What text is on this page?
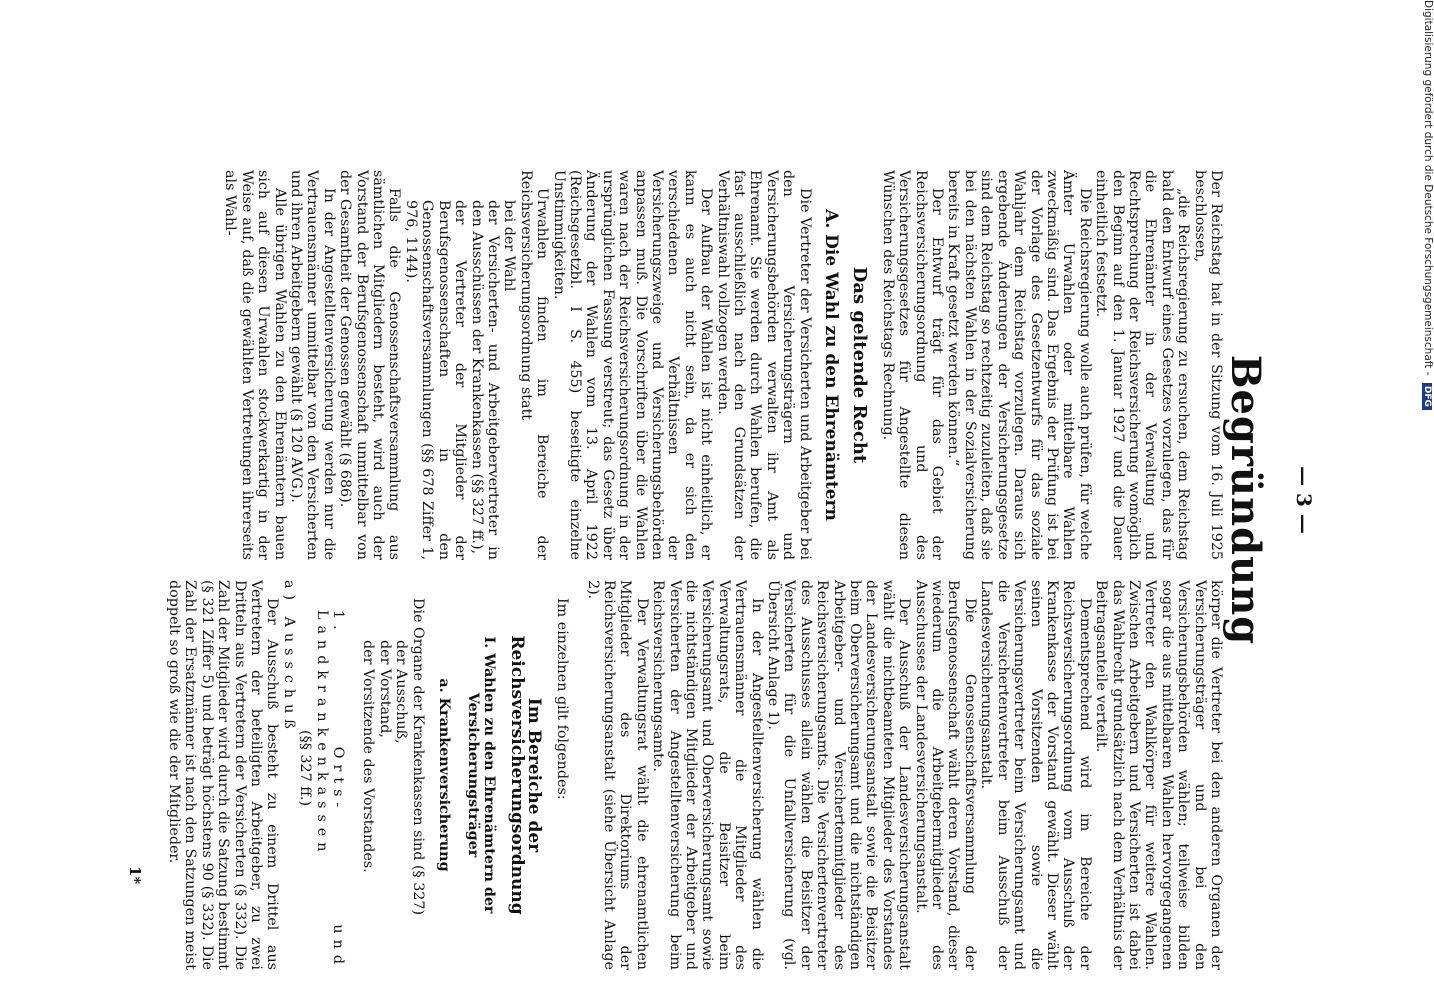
— 3 —
Begründung

Der Reichstag hat in der Sitzung vom 16. Juli 1925 beschlossen,

„die Reichsregierung zu ersuchen, dem Reichstag bald den Entwurf eines Gesetzes vorzulegen, das für die Ehrenämter in der Verwaltung und Rechtsprechung der Reichsversicherung womöglich den Beginn auf den 1. Januar 1927 und die Dauer einheitlich festsetzt.

Die Reichsregierung wolle auch prüfen, für welche Ämter Urwahlen oder mittelbare Wahlen zweckmäßig sind. Das Ergebnis der Prüfung ist bei der Vorlage des Gesetzentwurfs für das soziale Wahljahr dem Reichstag vorzulegen. Daraus sich ergebende Änderungen der Versicherungsgesetze sind dem Reichstag so rechtzeitig zuzuleiten, daß sie bei den nächsten Wahlen in der Sozialversicherung bereits in Kraft gesetzt werden können.“

Der Entwurf trägt für das Gebiet der Reichsversicherungsordnung und des Versicherungsgesetzes für Angestellte diesen Wünschen des Reichstags Rechnung.

Das geltende Recht
A. Die Wahl zu den Ehrenämtern

Die Vertreter der Versicherten und Arbeitgeber bei den Versicherungsträgern und Versicherungsbehörden verwalten ihr Amt als Ehrenamt. Sie werden durch Wahlen berufen, die fast ausschließlich nach den Grundsätzen der Verhältniswahl vollzogen werden.

Der Aufbau der Wahlen ist nicht einheitlich, er kann es auch nicht sein, da er sich den verschiedenen Verhältnissen der Versicherungszweige und Versicherungsbehörden anpassen muß. Die Vorschriften über die Wahlen waren nach der Reichsversicherungsordnung in der ursprünglichen Fassung verstreut; das Gesetz über Änderung der Wahlen vom 13. April 1922 (Reichsgesetzbl. I S. 455) beseitigte einzelne Unstimmigkeiten.

Urwahlen finden im Bereiche der Reichsversicherungsordnung statt

bei der Wahl

der Versicherten- und Arbeitgebervertreter in den Ausschüssen der Krankenkassen (§§ 327 ff.),

der Vertreter der Mitglieder der Berufsgenossenschaften in den Genossenschaftsversammlungen (§§ 678 Ziffer 1, 976, 1144).

Falls die Genossenschaftsversammlung aus sämtlichen Mitgliedern besteht, wird auch der Vorstand der Berufsgenossenschaft unmittelbar von der Gesamtheit der Genossen gewählt (§ 686).

In der Angestelltenversicherung werden nur die Vertrauensmänner unmittelbar von den Versicherten und ihren Arbeitgebern gewählt (§ 120 AVG.).

Alle übrigen Wahlen zu den Ehrenämtern bauen sich auf diesen Urwahlen stockwerkartig in der Weise auf, daß die gewählten Vertretungen ihrerseits als Wahl-

körper die Vertreter bei den anderen Organen der Versicherungsträger und bei den Versicherungsbehörden wählen; teilweise bilden sogar die aus mittelbaren Wahlen hervorgegangenen Vertreter den Wahlkörper für weitere Wahlen. Zwischen Arbeitgebern und Versicherten ist dabei das Wahlrecht grundsätzlich nach dem Verhältnis der Beitragsanteile verteilt.

Dementsprechend wird im Bereiche der Reichsversicherungsordnung vom Ausschuß der Krankenkasse der Vorstand gewählt. Dieser wählt seinen Vorsitzenden sowie die Versicherungsvertreter beim Versicherungsamt und die Versichertenvertreter beim Ausschuß der Landesversicherungsanstalt.

Die Genossenschaftsversammlung der Berufsgenossenschaft wählt deren Vorstand, dieser wiederum die Arbeitgebermitglieder des Ausschusses der Landesversicherungsanstalt.

Der Ausschuß der Landesversicherungsanstalt wählt die nichtbeamteten Mitglieder des Vorstandes der Landesversicherungsanstalt sowie die Beisitzer beim Oberversicherungsamt und die nichtständigen Arbeitgeber- und Versichertenmitglieder des Reichsversicherungsamts. Die Versichertenvertreter des Ausschusses allein wählen die Beisitzer der Versicherten für die Unfallversicherung (vgl. Übersicht Anlage 1).

In der Angestelltenversicherung wählen die Vertrauensmänner die Mitglieder des Verwaltungsrats, die Beisitzer beim Versicherungsamt und Oberversicherungsamt sowie die nichtständigen Mitglieder der Arbeitgeber und Versicherten der Angestelltenversicherung beim Reichsversicherungsamte.

Der Verwaltungsrat wählt die ehrenamtlichen Mitglieder des Direktoriums der Reichsversicherungsanstalt (siehe Übersicht Anlage 2).

Im einzelnen gilt folgendes:

Im Bereiche der Reichsversicherungsordnung
I. Wahlen zu den Ehrenämtern der Versicherungsträger
a. Krankenversicherung

Die Organe der Krankenkassen sind (§ 327)

der Ausschuß,

der Vorstand,

der Vorsitzende des Vorstandes.

1. Orts- und Landkrankenkassen

(§§ 327 ff.)

a) Ausschuß

Der Ausschuß besteht zu einem Drittel aus Vertretern der beteiligten Arbeitgeber, zu zwei Dritteln aus Vertretern der Versicherten (§ 332). Die Zahl der Mitglieder wird durch die Satzung bestimmt (§ 321 Ziffer 5) und beträgt höchstens 90 (§ 332). Die Zahl der Ersatzmänner ist nach den Satzungen meist doppelt so groß wie die der Mitglieder.

1*
Digitalisierung gefördert durch die Deutsche Forschungsgemeinschaft - DFG
